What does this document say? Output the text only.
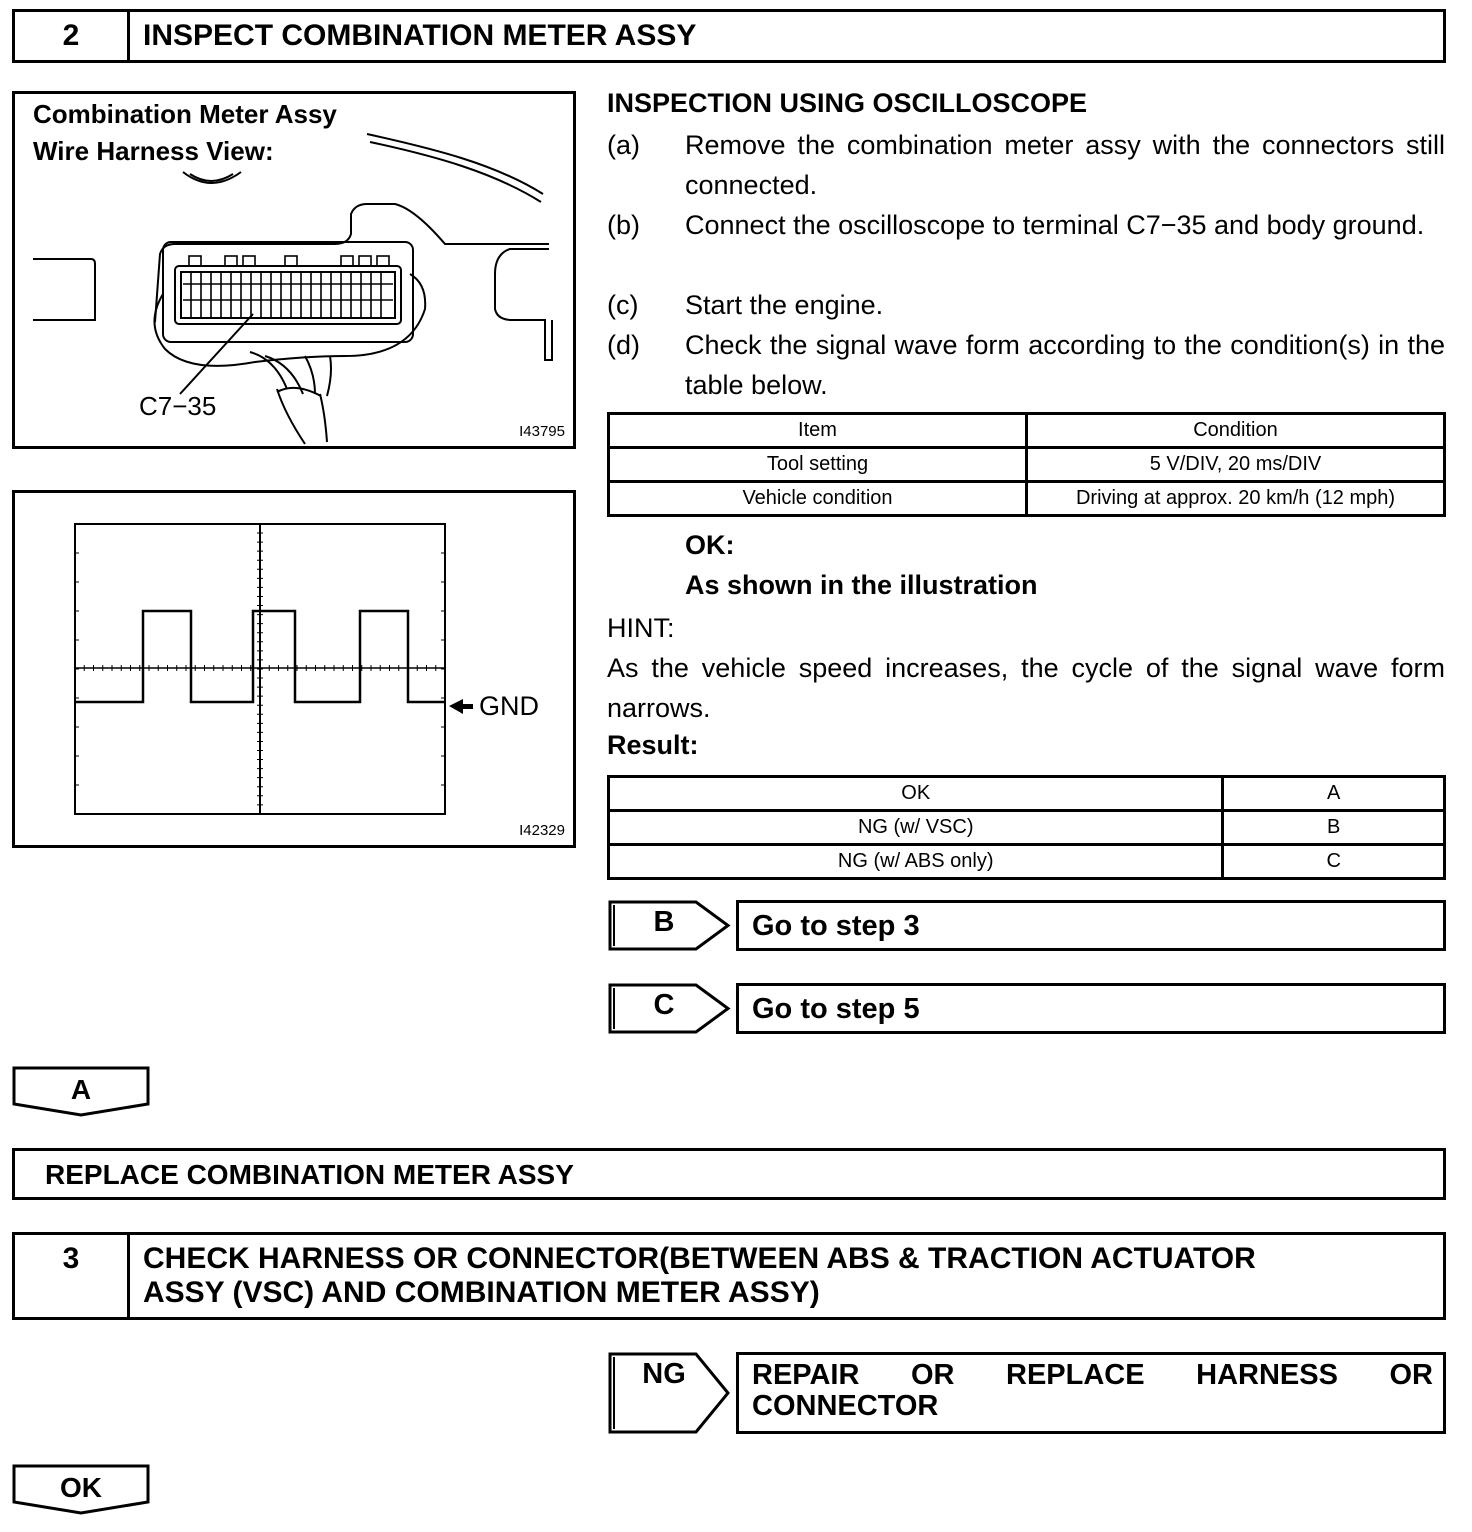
2	INSPECT COMBINATION METER ASSY
Combination Meter Assy
Wire Harness View:
C7−35
I43795
GND
I42329
INSPECTION USING OSCILLOSCOPE
(a)	Remove the combination meter assy with the connectors still connected.
(b)	Connect the oscilloscope to terminal C7−35 and body ground.
(c)	Start the engine.
(d)	Check the signal wave form according to the condition(s) in the table below.
Item	Condition
Tool setting	5 V/DIV, 20 ms/DIV
Vehicle condition	Driving at approx. 20 km/h (12 mph)
OK:
As shown in the illustration
HINT:
As the vehicle speed increases, the cycle of the signal wave form narrows.
Result:
OK	A
NG (w/ VSC)	B
NG (w/ ABS only)	C
B	Go to step 3
C	Go to step 5
A
REPLACE COMBINATION METER ASSY
3	CHECK HARNESS OR CONNECTOR(BETWEEN ABS & TRACTION ACTUATOR
ASSY (VSC) AND COMBINATION METER ASSY)
NG	REPAIR OR REPLACE HARNESS OR
CONNECTOR
OK
